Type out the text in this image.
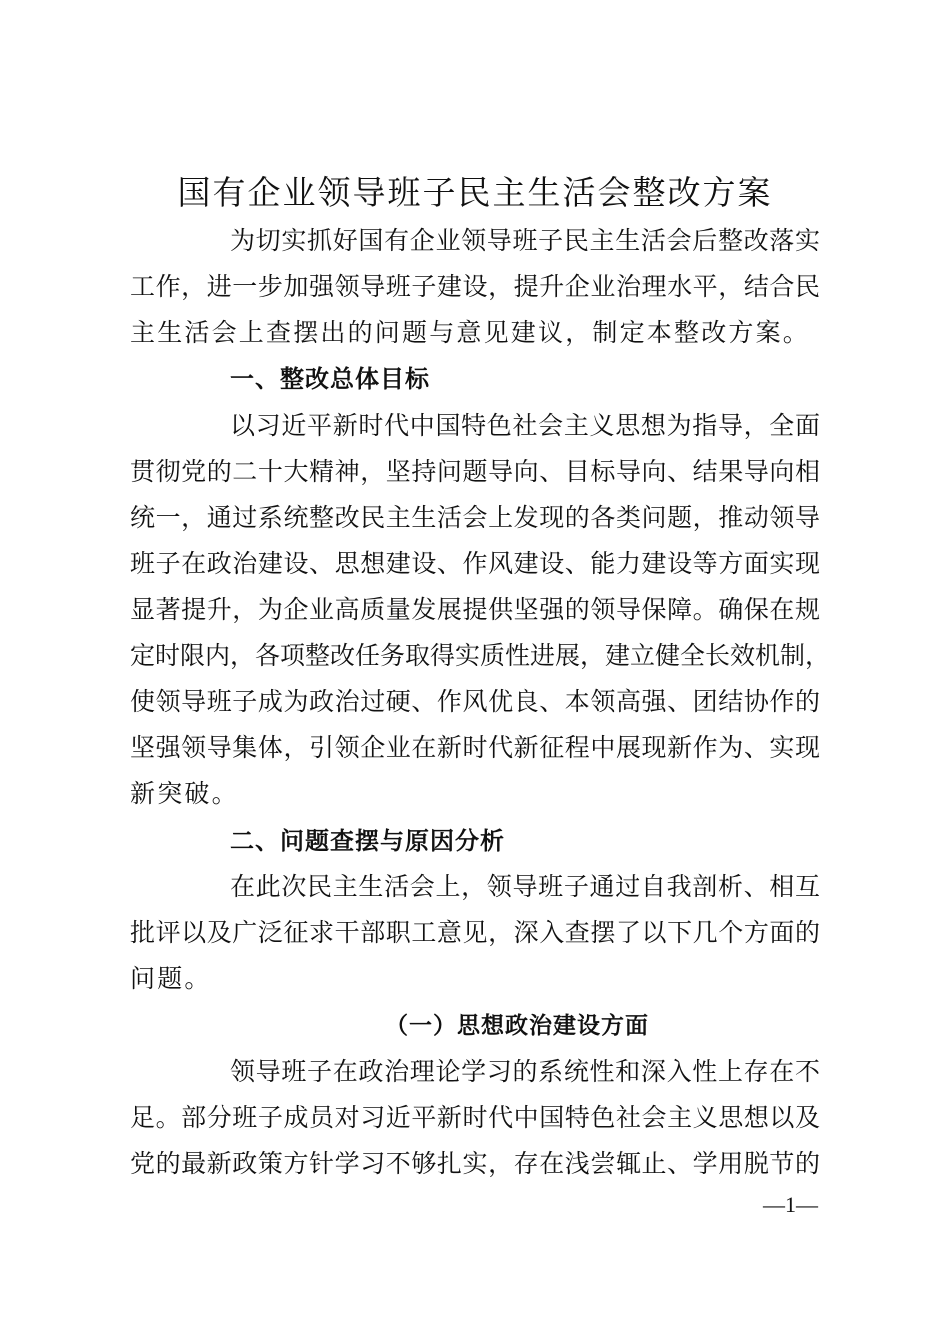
国有企业领导班子民主生活会整改方案
为切实抓好国有企业领导班子民主生活会后整改落实
工作，进一步加强领导班子建设，提升企业治理水平，结合民
主生活会上查摆出的问题与意见建议，制定本整改方案。
一、整改总体目标
以习近平新时代中国特色社会主义思想为指导，全面
贯彻党的二十大精神，坚持问题导向、目标导向、结果导向相
统一，通过系统整改民主生活会上发现的各类问题，推动领导
班子在政治建设、思想建设、作风建设、能力建设等方面实现
显著提升，为企业高质量发展提供坚强的领导保障。确保在规
定时限内，各项整改任务取得实质性进展，建立健全长效机制，
使领导班子成为政治过硬、作风优良、本领高强、团结协作的
坚强领导集体，引领企业在新时代新征程中展现新作为、实现
新突破。
二、问题查摆与原因分析
在此次民主生活会上，领导班子通过自我剖析、相互
批评以及广泛征求干部职工意见，深入查摆了以下几个方面的
问题。
（一）思想政治建设方面
领导班子在政治理论学习的系统性和深入性上存在不
足。部分班子成员对习近平新时代中国特色社会主义思想以及
党的最新政策方针学习不够扎实，存在浅尝辄止、学用脱节的
—1—
